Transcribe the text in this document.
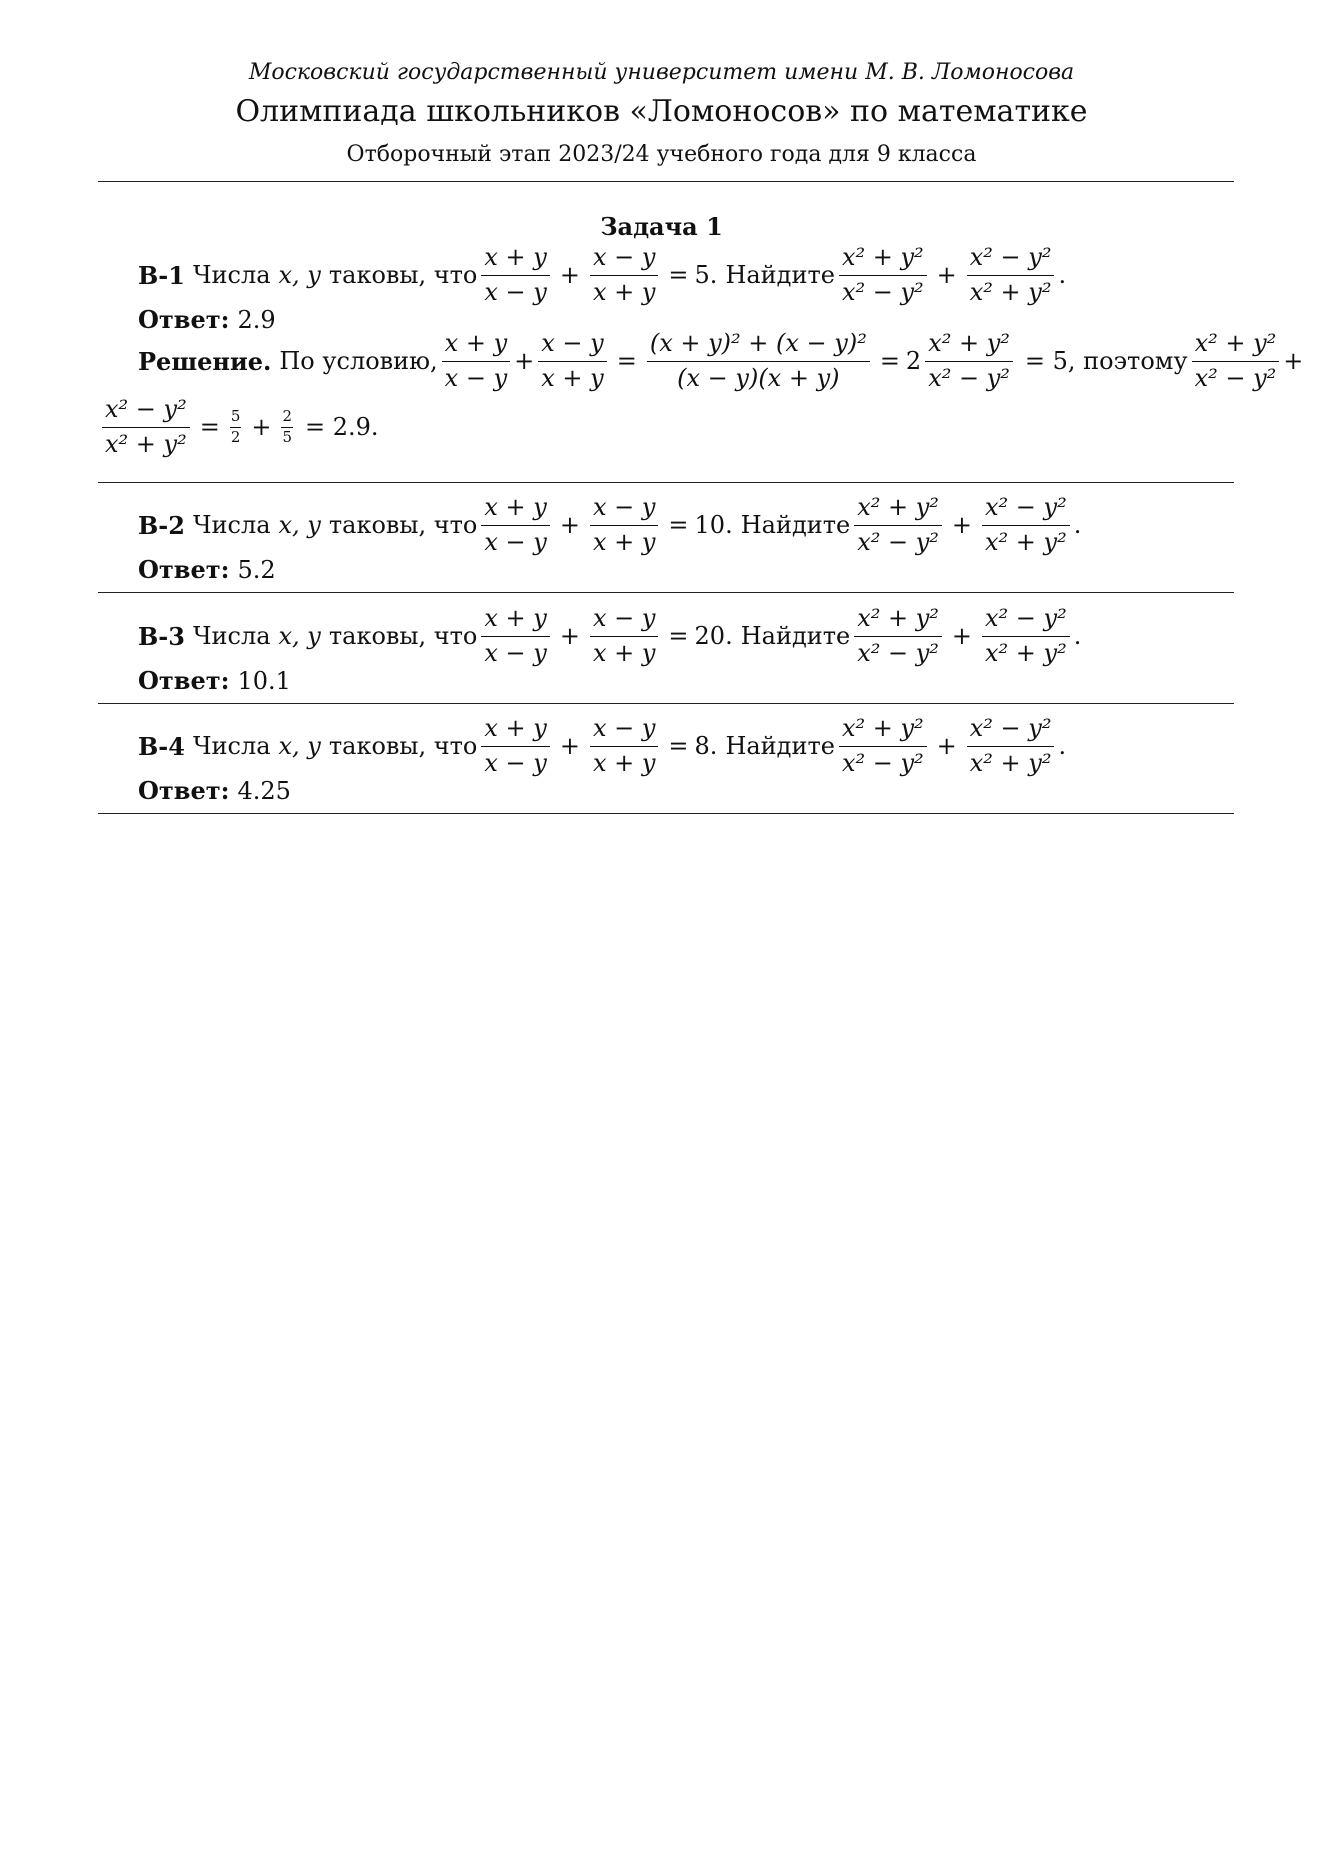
Московский государственный университет имени М. В. Ломоносова
Олимпиада школьников «Ломоносов» по математике
Отборочный этап 2023/24 учебного года для 9 класса
Задача 1
В-1 Числа x, y таковы, что $\frac{x + y}{x - y} + \frac{x - y}{x + y} = 5$ . Найдите $\frac{\text{x² + y²}}{\text{x² − y²}} + \frac{\text{x² − y²}}{\text{x² + y²}}$ .
Ответ: 2.9
Решение. По условию, $\frac{x + y}{x - y} + \frac{x - y}{x + y} = \frac{\text{(x + y)² + (x − y)²}}{(x - y)(x + y)} = 2 \frac{\text{x² + y²}}{\text{x² − y²}} = 5$, поэтому $\frac{\text{x² + y²}}{\text{x² − y²}}$ +
$\frac{\text{x² − y²}}{\text{x² + y²}} = \frac{5}{2} + \frac{2}{5} = 2.9$.
В-2 Числа x, y таковы, что $\frac{x + y}{x - y} + \frac{x - y}{x + y} = 10$ . Найдите $\frac{\text{x² + y²}}{\text{x² − y²}} + \frac{\text{x² − y²}}{\text{x² + y²}}$ .
Ответ: 5.2
В-3 Числа x, y таковы, что $\frac{x + y}{x - y} + \frac{x - y}{x + y} = 20$ . Найдите $\frac{\text{x² + y²}}{\text{x² − y²}} + \frac{\text{x² − y²}}{\text{x² + y²}}$ .
Ответ: 10.1
В-4 Числа x, y таковы, что $\frac{x + y}{x - y} + \frac{x - y}{x + y} = 8$ . Найдите $\frac{\text{x² + y²}}{\text{x² − y²}} + \frac{\text{x² − y²}}{\text{x² + y²}}$ .
Ответ: 4.25
